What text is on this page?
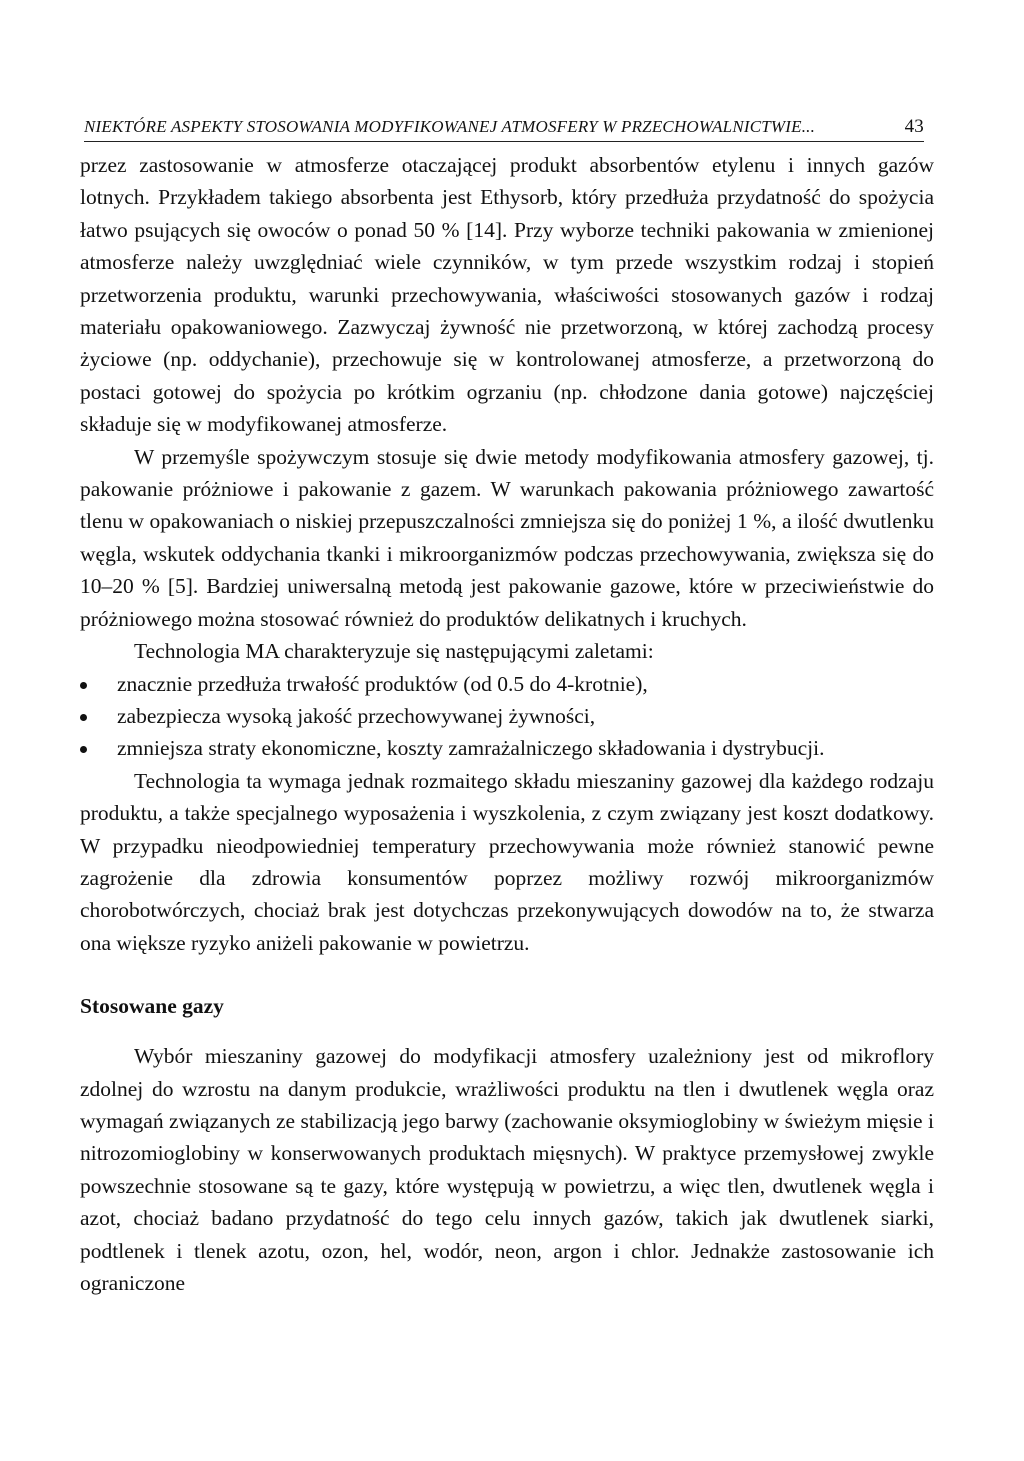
NIEKTÓRE ASPEKTY STOSOWANIA MODYFIKOWANEJ ATMOSFERY W PRZECHOWALNICTWIE...	43

przez zastosowanie w atmosferze otaczającej produkt absorbentów etylenu i innych gazów lotnych. Przykładem takiego absorbenta jest Ethysorb, który przedłuża przydatność do spożycia łatwo psujących się owoców o ponad 50 % [14]. Przy wyborze techniki pakowania w zmienionej atmosferze należy uwzględniać wiele czynników, w tym przede wszystkim rodzaj i stopień przetworzenia produktu, warunki przechowywania, właściwości stosowanych gazów i rodzaj materiału opakowaniowego. Zazwyczaj żywność nie przetworzoną, w której zachodzą procesy życiowe (np. oddychanie), przechowuje się w kontrolowanej atmosferze, a przetworzoną do postaci gotowej do spożycia po krótkim ogrzaniu (np. chłodzone dania gotowe) najczęściej składuje się w modyfikowanej atmosferze.

W przemyśle spożywczym stosuje się dwie metody modyfikowania atmosfery gazowej, tj. pakowanie próżniowe i pakowanie z gazem. W warunkach pakowania próżniowego zawartość tlenu w opakowaniach o niskiej przepuszczalności zmniejsza się do poniżej 1 %, a ilość dwutlenku węgla, wskutek oddychania tkanki i mikroorganizmów podczas przechowywania, zwiększa się do 10–20 % [5]. Bardziej uniwersalną metodą jest pakowanie gazowe, które w przeciwieństwie do próżniowego można stosować również do produktów delikatnych i kruchych.

Technologia MA charakteryzuje się następującymi zaletami:

znacznie przedłuża trwałość produktów (od 0.5 do 4-krotnie),
zabezpiecza wysoką jakość przechowywanej żywności,
zmniejsza straty ekonomiczne, koszty zamrażalniczego składowania i dystrybucji.

Technologia ta wymaga jednak rozmaitego składu mieszaniny gazowej dla każdego rodzaju produktu, a także specjalnego wyposażenia i wyszkolenia, z czym związany jest koszt dodatkowy. W przypadku nieodpowiedniej temperatury przechowywania może również stanowić pewne zagrożenie dla zdrowia konsumentów poprzez możliwy rozwój mikroorganizmów chorobotwórczych, chociaż brak jest dotychczas przekonywujących dowodów na to, że stwarza ona większe ryzyko aniżeli pakowanie w powietrzu.

Stosowane gazy

Wybór mieszaniny gazowej do modyfikacji atmosfery uzależniony jest od mikroflory zdolnej do wzrostu na danym produkcie, wrażliwości produktu na tlen i dwutlenek węgla oraz wymagań związanych ze stabilizacją jego barwy (zachowanie oksymioglobiny w świeżym mięsie i nitrozomioglobiny w konserwowanych produktach mięsnych). W praktyce przemysłowej zwykle powszechnie stosowane są te gazy, które występują w powietrzu, a więc tlen, dwutlenek węgla i azot, chociaż badano przydatność do tego celu innych gazów, takich jak dwutlenek siarki, podtlenek i tlenek azotu, ozon, hel, wodór, neon, argon i chlor. Jednakże zastosowanie ich ograniczone
